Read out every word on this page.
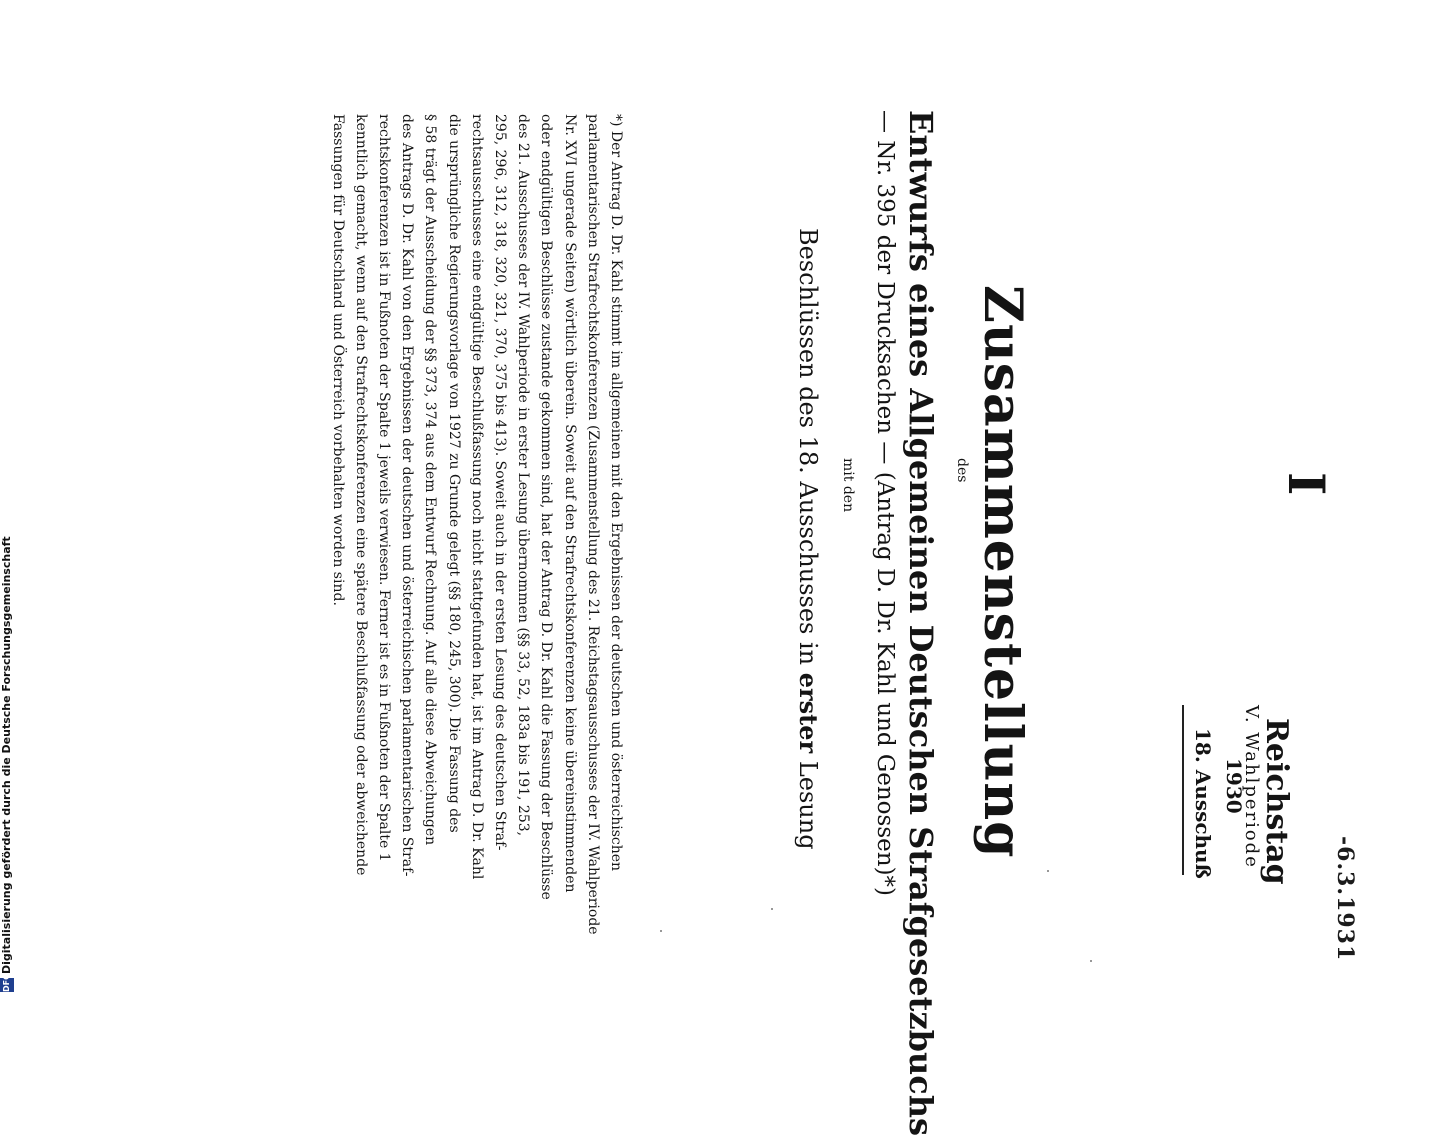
-6.3.1931
I
Reichstag
V. Wahlperiode
1930
18. Ausschuß
Zusammenstellung
des
Entwurfs eines Allgemeinen Deutschen Strafgesetzbuchs
— Nr. 395 der Drucksachen — (Antrag D. Dr. Kahl und Genossen)*)
mit den
Beschlüssen des 18. Ausschusses in erster Lesung
*) Der Antrag D. Dr. Kahl stimmt im allgemeinen mit den Ergebnissen der deutschen und österreichischen
parlamentarischen Strafrechtskonferenzen (Zusammenstellung des 21. Reichstagsausschusses der IV. Wahlperiode
Nr. XVI ungerade Seiten) wörtlich überein. Soweit auf den Strafrechtskonferenzen keine übereinstimmenden
oder endgültigen Beschlüsse zustande gekommen sind, hat der Antrag D. Dr. Kahl die Fassung der Beschlüsse
des 21. Ausschusses der IV. Wahlperiode in erster Lesung übernommen (§§ 33, 52, 183a bis 191, 253,
295, 296, 312, 318, 320, 321, 370, 375 bis 413). Soweit auch in der ersten Lesung des deutschen Straf-
rechtsausschusses eine endgültige Beschlußfassung noch nicht stattgefunden hat, ist im Antrag D. Dr. Kahl
die ursprüngliche Regierungsvorlage von 1927 zu Grunde gelegt (§§ 180, 245, 300). Die Fassung des
§ 58 trägt der Ausscheidung der §§ 373, 374 aus dem Entwurf Rechnung. Auf alle diese Abweichungen
des Antrags D. Dr. Kahl von den Ergebnissen der deutschen und österreichischen parlamentarischen Straf-
rechtskonferenzen ist in Fußnoten der Spalte 1 jeweils verwiesen. Ferner ist es in Fußnoten der Spalte 1
kenntlich gemacht, wenn auf den Strafrechtskonferenzen eine spätere Beschlußfassung oder abweichende
Fassungen für Deutschland und Österreich vorbehalten worden sind.
DFGDigitalisierung gefördert durch die Deutsche Forschungsgemeinschaft
